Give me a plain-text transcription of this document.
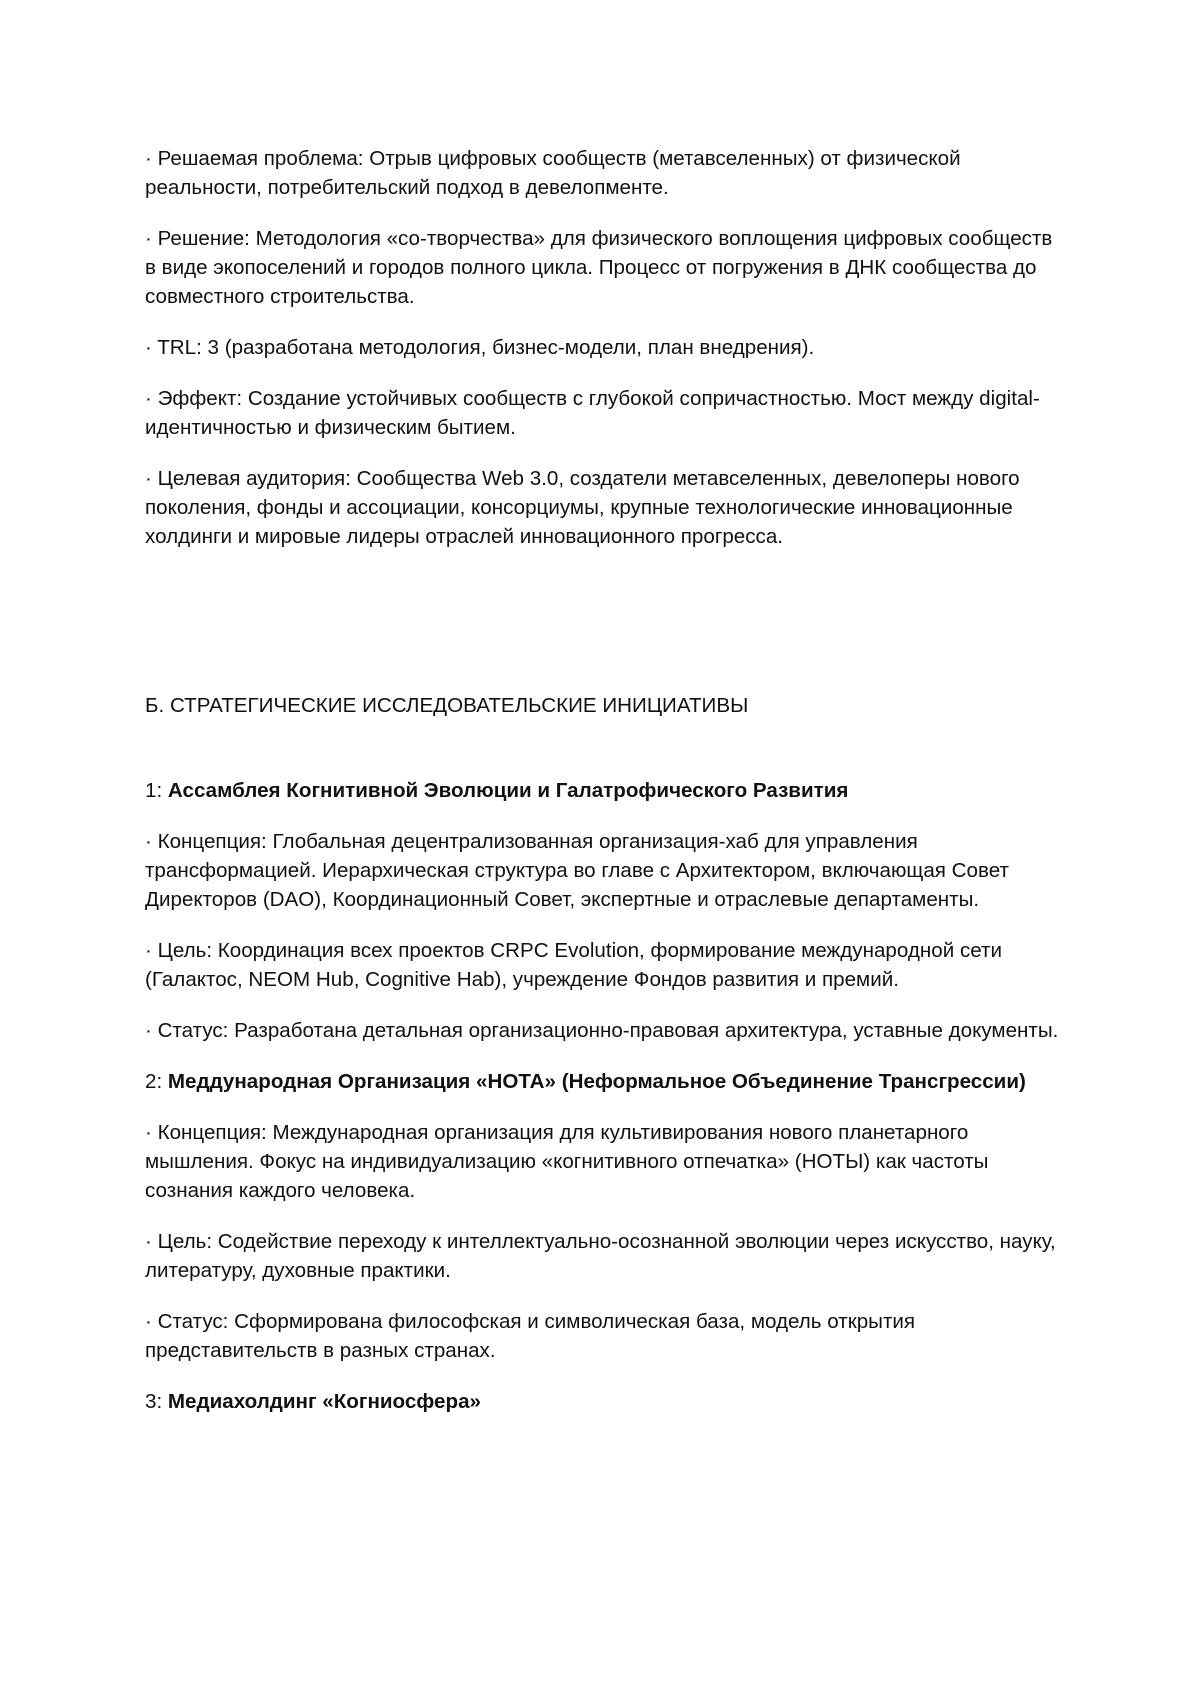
· Решаемая проблема: Отрыв цифровых сообществ (метавселенных) от физической реальности, потребительский подход в девелопменте.

· Решение: Методология «со-творчества» для физического воплощения цифровых сообществ в виде экопоселений и городов полного цикла. Процесс от погружения в ДНК сообщества до совместного строительства.

· TRL: 3 (разработана методология, бизнес-модели, план внедрения).

· Эффект: Создание устойчивых сообществ с глубокой сопричастностью. Мост между digital-идентичностью и физическим бытием.

· Целевая аудитория: Сообщества Web 3.0, создатели метавселенных, девелоперы нового поколения, фонды и ассоциации, консорциумы, крупные технологические инновационные холдинги и мировые лидеры отраслей инновационного прогресса.

Б. СТРАТЕГИЧЕСКИЕ ИССЛЕДОВАТЕЛЬСКИЕ ИНИЦИАТИВЫ

1: Ассамблея Когнитивной Эволюции и Галатрофического Развития

· Концепция: Глобальная децентрализованная организация-хаб для управления трансформацией. Иерархическая структура во главе с Архитектором, включающая Совет Директоров (DAO), Координационный Совет, экспертные и отраслевые департаменты.

· Цель: Координация всех проектов CRPC Evolution, формирование международной сети (Галактос, NEOM Hub, Cognitive Hab), учреждение Фондов развития и премий.

· Статус: Разработана детальная организационно-правовая архитектура, уставные документы.

2: Меддународная Организация «НОТА» (Неформальное Объединение Трансгрессии)

· Концепция: Международная организация для культивирования нового планетарного мышления. Фокус на индивидуализацию «когнитивного отпечатка» (НОТЫ) как частоты сознания каждого человека.

· Цель: Содействие переходу к интеллектуально-осознанной эволюции через искусство, науку, литературу, духовные практики.

· Статус: Сформирована философская и символическая база, модель открытия представительств в разных странах.

3: Медиахолдинг «Когниосфера»
